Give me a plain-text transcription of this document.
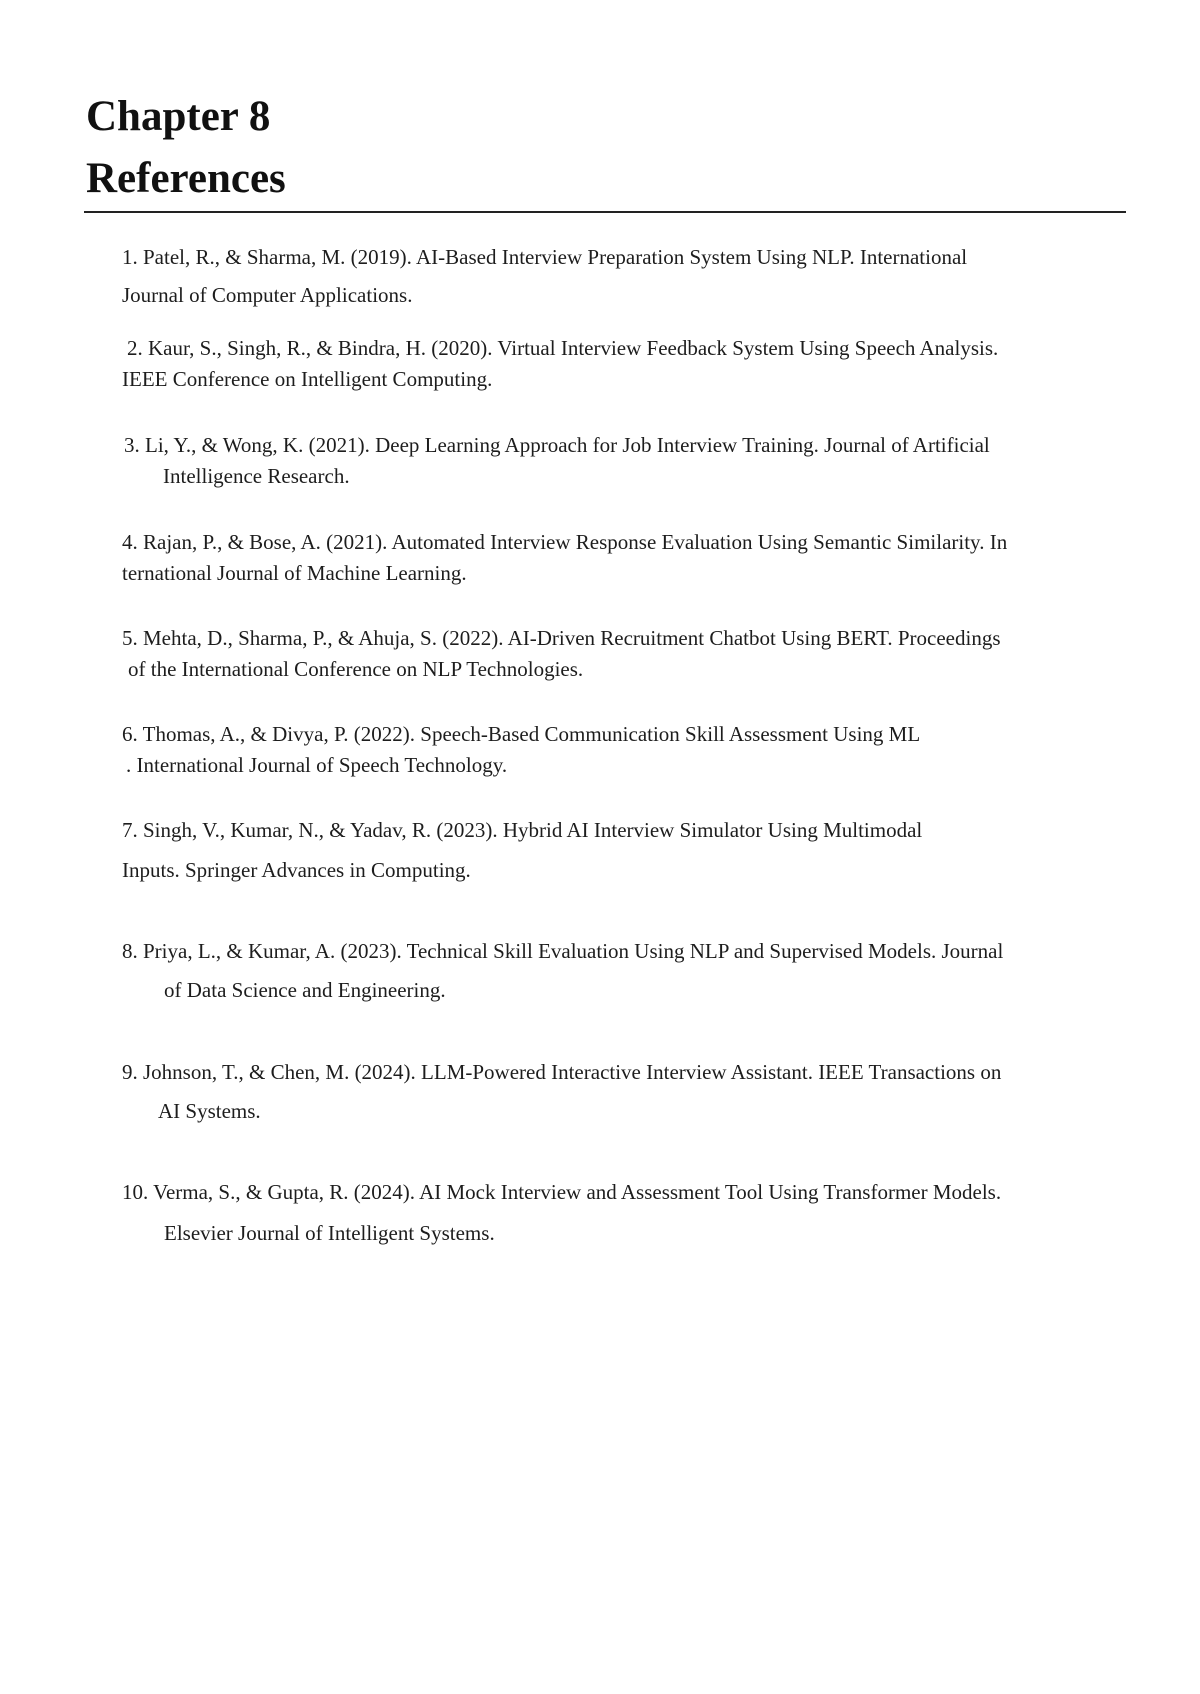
Chapter 8
References
1. Patel, R., & Sharma, M. (2019). AI-Based Interview Preparation System Using NLP. International
Journal of Computer Applications.
2. Kaur, S., Singh, R., & Bindra, H. (2020). Virtual Interview Feedback System Using Speech Analysis.
IEEE Conference on Intelligent Computing.
3. Li, Y., & Wong, K. (2021). Deep Learning Approach for Job Interview Training. Journal of Artificial
Intelligence Research.
4. Rajan, P., & Bose, A. (2021). Automated Interview Response Evaluation Using Semantic Similarity. In
ternational Journal of Machine Learning.
5. Mehta, D., Sharma, P., & Ahuja, S. (2022). AI-Driven Recruitment Chatbot Using BERT. Proceedings
of the International Conference on NLP Technologies.
6. Thomas, A., & Divya, P. (2022). Speech-Based Communication Skill Assessment Using ML
. International Journal of Speech Technology.
7. Singh, V., Kumar, N., & Yadav, R. (2023). Hybrid AI Interview Simulator Using Multimodal
Inputs. Springer Advances in Computing.
8. Priya, L., & Kumar, A. (2023). Technical Skill Evaluation Using NLP and Supervised Models. Journal
of Data Science and Engineering.
9. Johnson, T., & Chen, M. (2024). LLM-Powered Interactive Interview Assistant. IEEE Transactions on
AI Systems.
10. Verma, S., & Gupta, R. (2024). AI Mock Interview and Assessment Tool Using Transformer Models.
Elsevier Journal of Intelligent Systems.
